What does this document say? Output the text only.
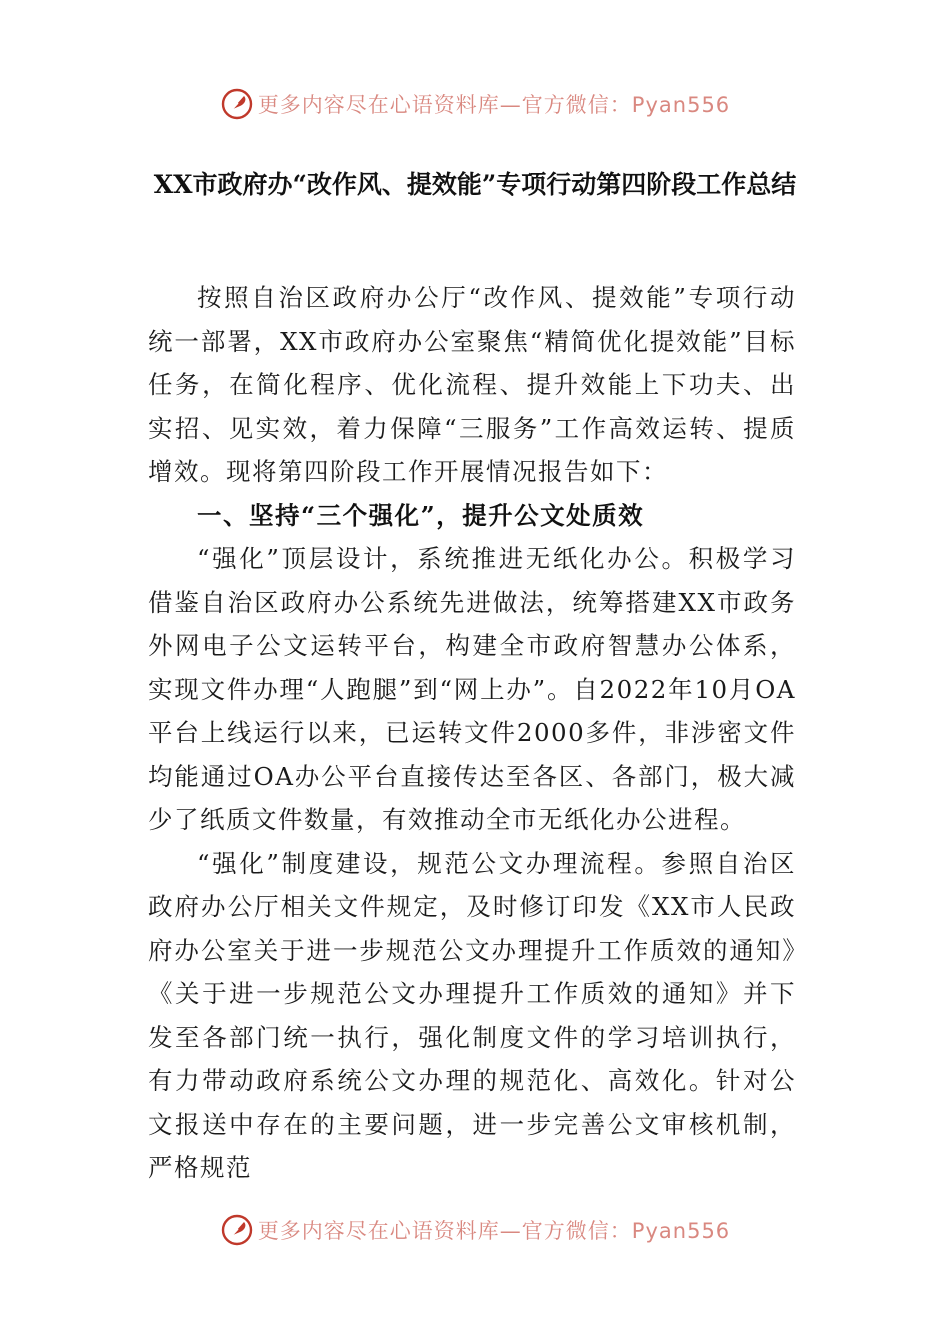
更多内容尽在心语资料库—官方微信：Pyan556
XX市政府办“改作风、提效能”专项行动第四阶段工作总结

按照自治区政府办公厅“改作风、提效能”专项行动统一部署，XX市政府办公室聚焦“精简优化提效能”目标任务，在简化程序、优化流程、提升效能上下功夫、出实招、见实效，着力保障“三服务”工作高效运转、提质增效。现将第四阶段工作开展情况报告如下：

一、坚持“三个强化”，提升公文处质效

“强化”顶层设计，系统推进无纸化办公。积极学习借鉴自治区政府办公系统先进做法，统筹搭建XX市政务外网电子公文运转平台，构建全市政府智慧办公体系，实现文件办理“人跑腿”到“网上办”。自2022年10月OA平台上线运行以来，已运转文件2000多件，非涉密文件均能通过OA办公平台直接传达至各区、各部门，极大减少了纸质文件数量，有效推动全市无纸化办公进程。

“强化”制度建设，规范公文办理流程。参照自治区政府办公厅相关文件规定，及时修订印发《XX市人民政府办公室关于进一步规范公文办理提升工作质效的通知》《关于进一步规范公文办理提升工作质效的通知》并下发至各部门统一执行，强化制度文件的学习培训执行，有力带动政府系统公文办理的规范化、高效化。针对公文报送中存在的主要问题，进一步完善公文审核机制，严格规范

更多内容尽在心语资料库—官方微信：Pyan556
